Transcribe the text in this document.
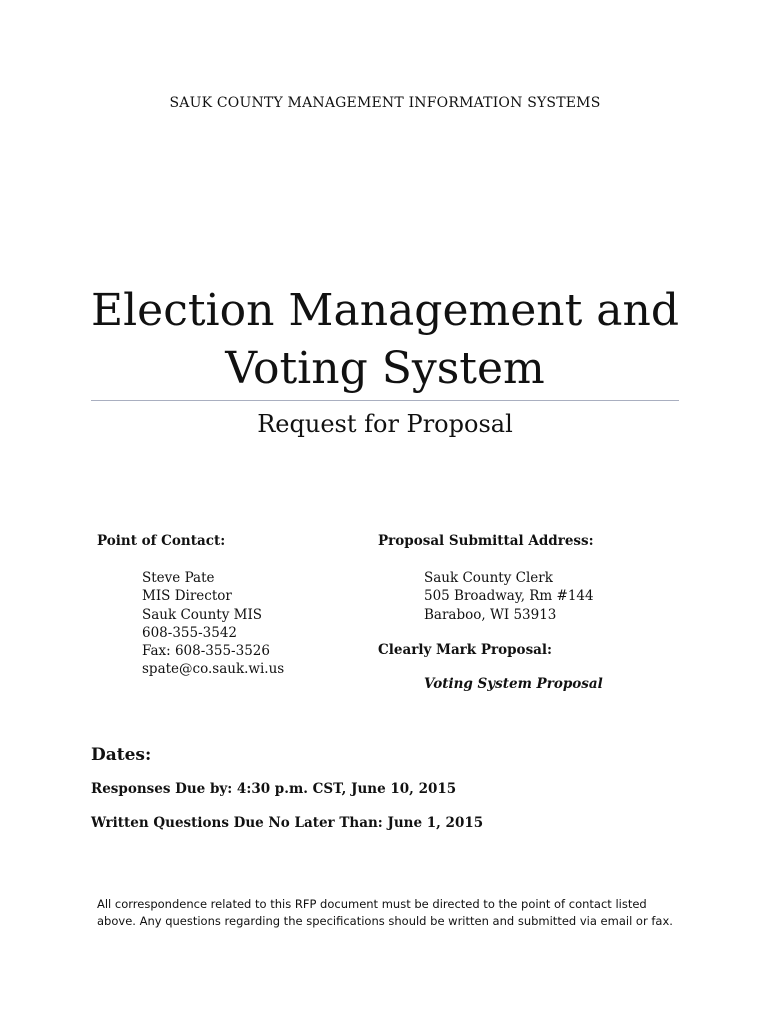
SAUK COUNTY MANAGEMENT INFORMATION SYSTEMS
Election Management and
Voting System
Request for Proposal
Point of Contact:	Proposal Submittal Address:
Steve Pate
MIS Director
Sauk County MIS
608-355-3542
Fax: 608-355-3526
spate@co.sauk.wi.us
Sauk County Clerk
505 Broadway, Rm #144
Baraboo, WI 53913
Clearly Mark Proposal:
Voting System Proposal
Dates:
Responses Due by: 4:30 p.m. CST, June 10, 2015
Written Questions Due No Later Than: June 1, 2015
All correspondence related to this RFP document must be directed to the point of contact listed
above. Any questions regarding the specifications should be written and submitted via email or fax.
